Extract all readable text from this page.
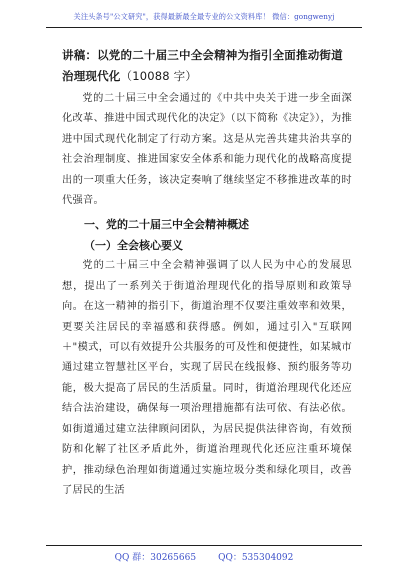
关注头条号"公文研究"，获得最新最全最专业的公文资料库！ 微信：gongwenyj
讲稿：以党的二十届三中全会精神为指引全面推动街道治理现代化（10088 字）

党的二十届三中全会通过的《中共中央关于进一步全面深化改革、推进中国式现代化的决定》（以下简称《决定》），为推进中国式现代化制定了行动方案。这是从完善共建共治共享的社会治理制度、推进国家安全体系和能力现代化的战略高度提出的一项重大任务，该决定奏响了继续坚定不移推进改革的时代强音。

一、党的二十届三中全会精神概述
（一）全会核心要义

党的二十届三中全会精神强调了以人民为中心的发展思想，提出了一系列关于街道治理现代化的指导原则和政策导向。在这一精神的指引下，街道治理不仅要注重效率和效果，更要关注居民的幸福感和获得感。例如，通过引入"互联网＋"模式，可以有效提升公共服务的可及性和便捷性，如某城市通过建立智慧社区平台，实现了居民在线报修、预约服务等功能，极大提高了居民的生活质量。同时，街道治理现代化还应结合法治建设，确保每一项治理措施都有法可依、有法必依。如街道通过建立法律顾问团队，为居民提供法律咨询，有效预防和化解了社区矛盾此外，街道治理现代化还应注重环境保护，推动绿色治理如街道通过实施垃圾分类和绿化项目，改善了居民的生活

QQ 群：30265665 QQ：535304092
